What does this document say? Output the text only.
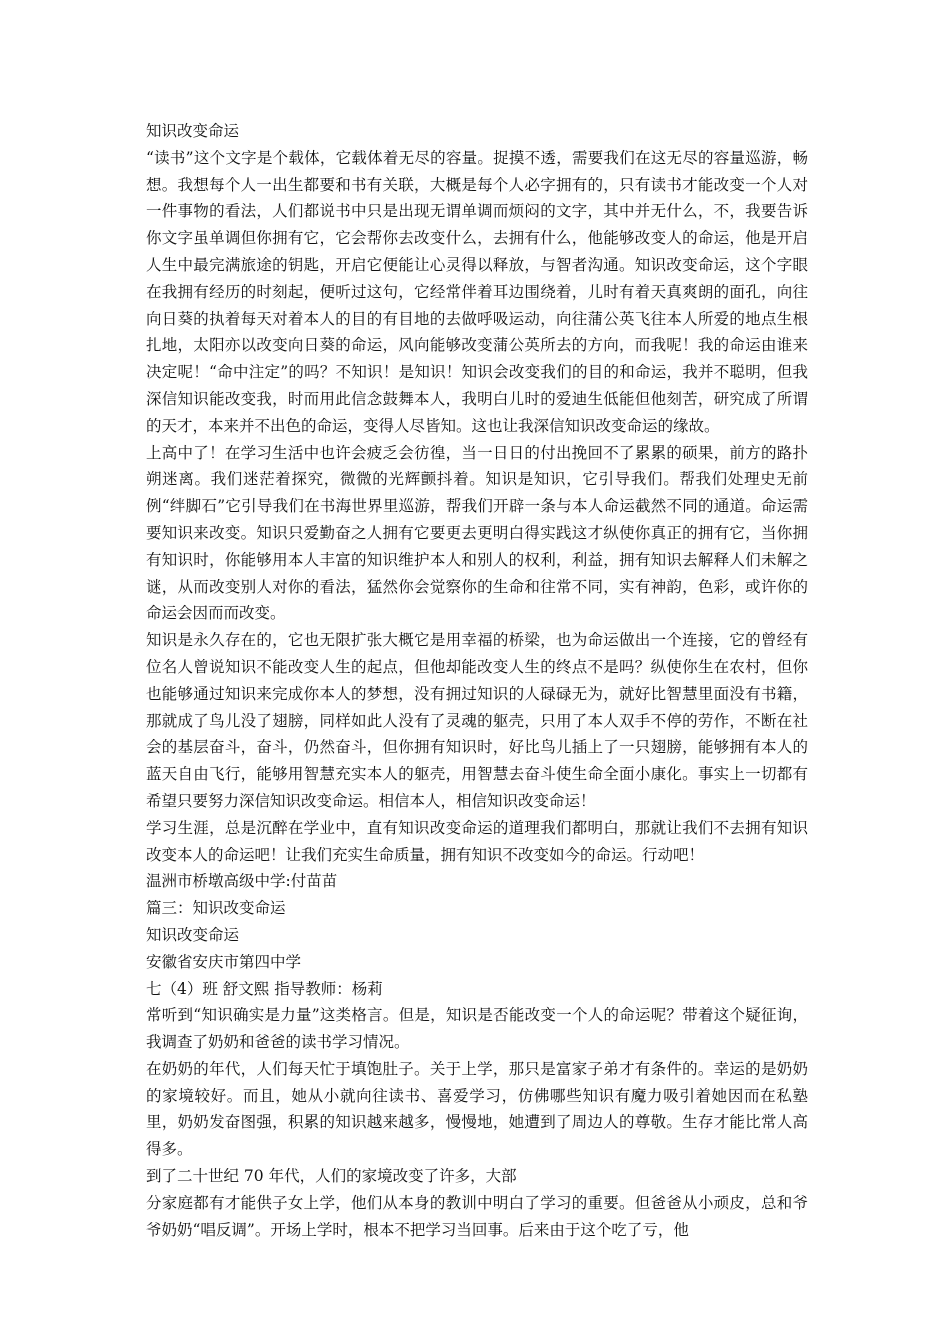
知识改变命运

“读书”这个文字是个载体，它载体着无尽的容量。捉摸不透，需要我们在这无尽的容量巡游，畅想。我想每个人一出生都要和书有关联，大概是每个人必字拥有的，只有读书才能改变一个人对一件事物的看法，人们都说书中只是出现无谓单调而烦闷的文字，其中并无什么，不，我要告诉你文字虽单调但你拥有它，它会帮你去改变什么，去拥有什么，他能够改变人的命运，他是开启人生中最完满旅途的钥匙，开启它便能让心灵得以释放，与智者沟通。知识改变命运，这个字眼在我拥有经历的时刻起，便听过这句，它经常伴着耳边围绕着，儿时有着天真爽朗的面孔，向往向日葵的执着每天对着本人的目的有目地的去做呼吸运动，向往蒲公英飞往本人所爱的地点生根扎地，太阳亦以改变向日葵的命运，风向能够改变蒲公英所去的方向，而我呢！我的命运由谁来决定呢！“命中注定”的吗？不知识！是知识！知识会改变我们的目的和命运，我并不聪明，但我深信知识能改变我，时而用此信念鼓舞本人，我明白儿时的爱迪生低能但他刻苦，研究成了所谓的天才，本来并不出色的命运，变得人尽皆知。这也让我深信知识改变命运的缘故。

上高中了！在学习生活中也许会疲乏会彷徨，当一日日的付出挽回不了累累的硕果，前方的路扑朔迷离。我们迷茫着探究，微微的光辉颤抖着。知识是知识，它引导我们。帮我们处理史无前例“绊脚石”它引导我们在书海世界里巡游，帮我们开辟一条与本人命运截然不同的通道。命运需要知识来改变。知识只爱勤奋之人拥有它要更去更明白得实践这才纵使你真正的拥有它，当你拥有知识时，你能够用本人丰富的知识维护本人和别人的权利，利益，拥有知识去解释人们未解之谜，从而改变别人对你的看法，猛然你会觉察你的生命和往常不同，实有神韵，色彩，或许你的命运会因而而改变。

知识是永久存在的，它也无限扩张大概它是用幸福的桥梁，也为命运做出一个连接，它的曾经有位名人曾说知识不能改变人生的起点，但他却能改变人生的终点不是吗？纵使你生在农村，但你也能够通过知识来完成你本人的梦想，没有拥过知识的人碌碌无为，就好比智慧里面没有书籍，那就成了鸟儿没了翅膀，同样如此人没有了灵魂的躯壳，只用了本人双手不停的劳作，不断在社会的基层奋斗，奋斗，仍然奋斗，但你拥有知识时，好比鸟儿插上了一只翅膀，能够拥有本人的蓝天自由飞行，能够用智慧充实本人的躯壳，用智慧去奋斗使生命全面小康化。事实上一切都有希望只要努力深信知识改变命运。相信本人，相信知识改变命运！

学习生涯，总是沉醉在学业中，直有知识改变命运的道理我们都明白，那就让我们不去拥有知识改变本人的命运吧！让我们充实生命质量，拥有知识不改变如今的命运。行动吧！

温洲市桥墩高级中学:付苗苗

篇三：知识改变命运

知识改变命运

安徽省安庆市第四中学

七（4）班 舒文熙 指导教师：杨莉

常听到“知识确实是力量”这类格言。但是，知识是否能改变一个人的命运呢？带着这个疑征询，我调查了奶奶和爸爸的读书学习情况。

在奶奶的年代，人们每天忙于填饱肚子。关于上学，那只是富家子弟才有条件的。幸运的是奶奶的家境较好。而且，她从小就向往读书、喜爱学习，仿佛哪些知识有魔力吸引着她因而在私塾里，奶奶发奋图强，积累的知识越来越多，慢慢地，她遭到了周边人的尊敬。生存才能比常人高得多。

到了二十世纪 70 年代，人们的家境改变了许多，大部

分家庭都有才能供子女上学，他们从本身的教训中明白了学习的重要。但爸爸从小顽皮，总和爷爷奶奶“唱反调”。开场上学时，根本不把学习当回事。后来由于这个吃了亏，他
